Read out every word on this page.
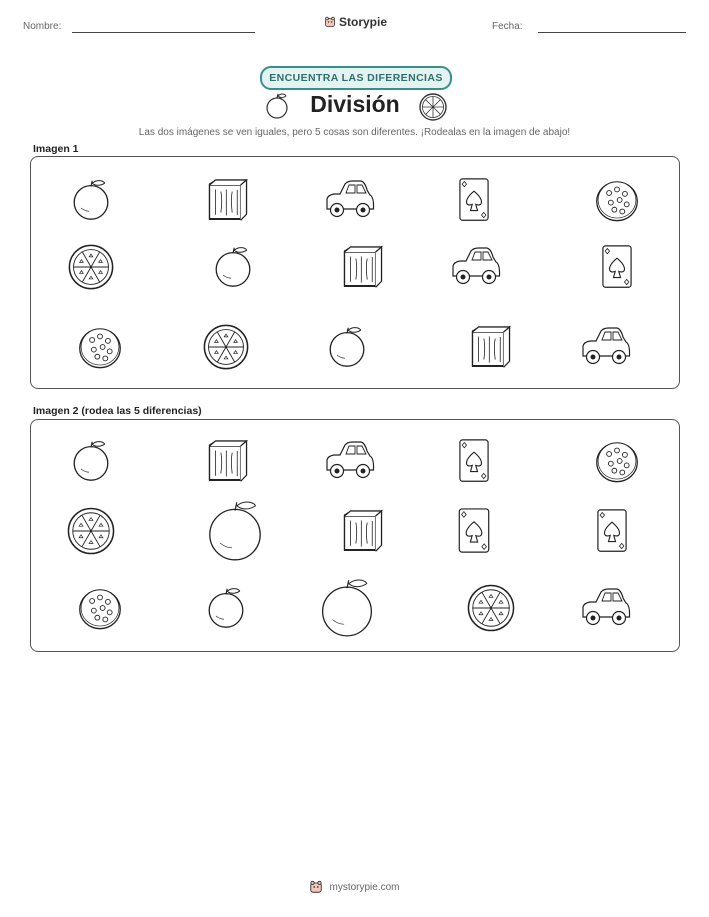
Nombre:	Storypie	Fecha:
ENCUENTRA LAS DIFERENCIAS
División
Las dos imágenes se ven iguales, pero 5 cosas son diferentes. ¡Rodealas en la imagen de abajo!
Imagen 1
Imagen 2 (rodea las 5 diferencias)
mystorypie.com
